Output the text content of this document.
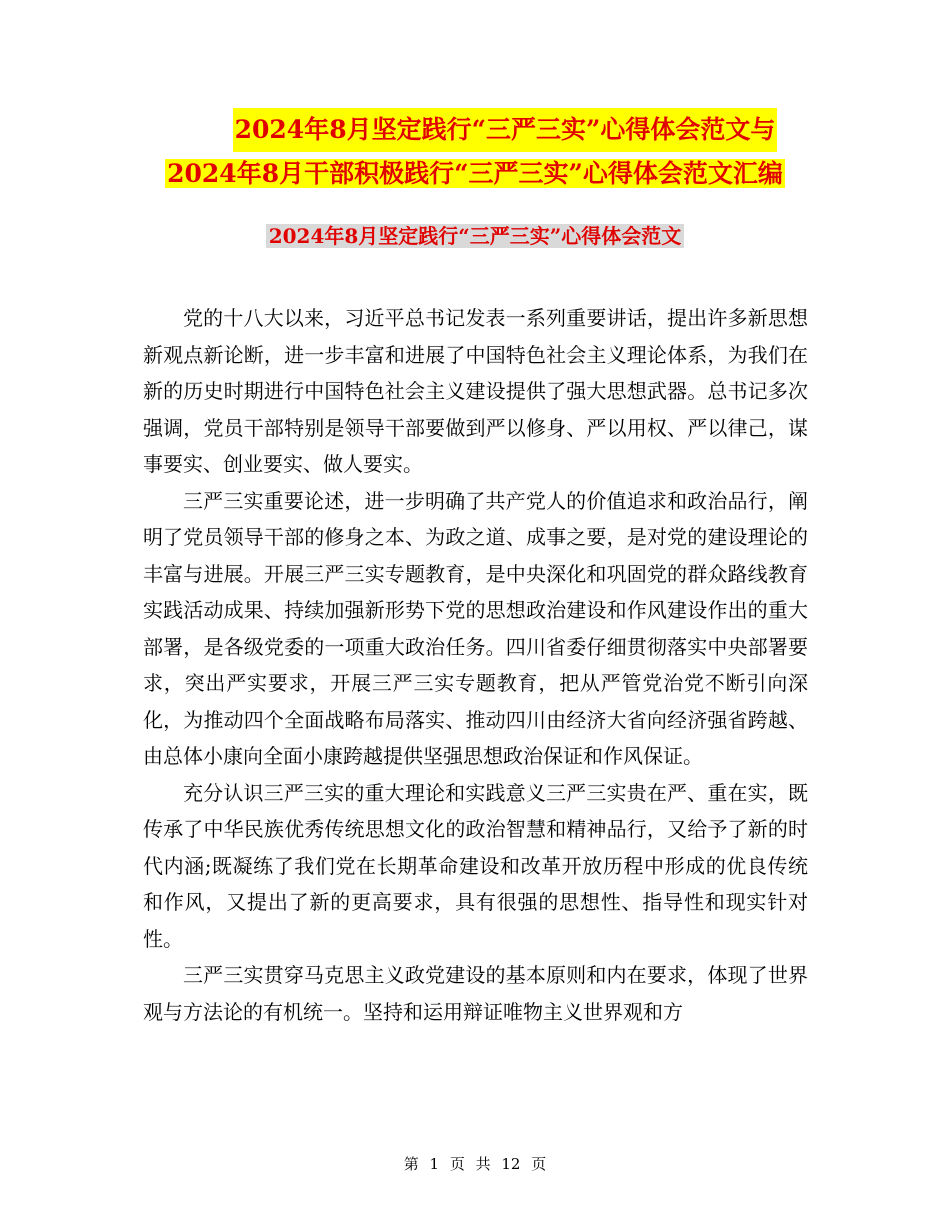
2024年8月坚定践行“三严三实”心得体会范文与
2024年8月干部积极践行“三严三实”心得体会范文汇编
2024年8月坚定践行“三严三实”心得体会范文

党的十八大以来，习近平总书记发表一系列重要讲话，提出许多新思想新观点新论断，进一步丰富和进展了中国特色社会主义理论体系，为我们在新的历史时期进行中国特色社会主义建设提供了强大思想武器。总书记多次强调，党员干部特别是领导干部要做到严以修身、严以用权、严以律己，谋事要实、创业要实、做人要实。

三严三实重要论述，进一步明确了共产党人的价值追求和政治品行，阐明了党员领导干部的修身之本、为政之道、成事之要，是对党的建设理论的丰富与进展。开展三严三实专题教育，是中央深化和巩固党的群众路线教育实践活动成果、持续加强新形势下党的思想政治建设和作风建设作出的重大部署，是各级党委的一项重大政治任务。四川省委仔细贯彻落实中央部署要求，突出严实要求，开展三严三实专题教育，把从严管党治党不断引向深化，为推动四个全面战略布局落实、推动四川由经济大省向经济强省跨越、由总体小康向全面小康跨越提供坚强思想政治保证和作风保证。

充分认识三严三实的重大理论和实践意义三严三实贵在严、重在实，既传承了中华民族优秀传统思想文化的政治智慧和精神品行，又给予了新的时代内涵;既凝练了我们党在长期革命建设和改革开放历程中形成的优良传统和作风，又提出了新的更高要求，具有很强的思想性、指导性和现实针对性。

三严三实贯穿马克思主义政党建设的基本原则和内在要求，体现了世界观与方法论的有机统一。坚持和运用辩证唯物主义世界观和方

第 1 页 共 12 页
